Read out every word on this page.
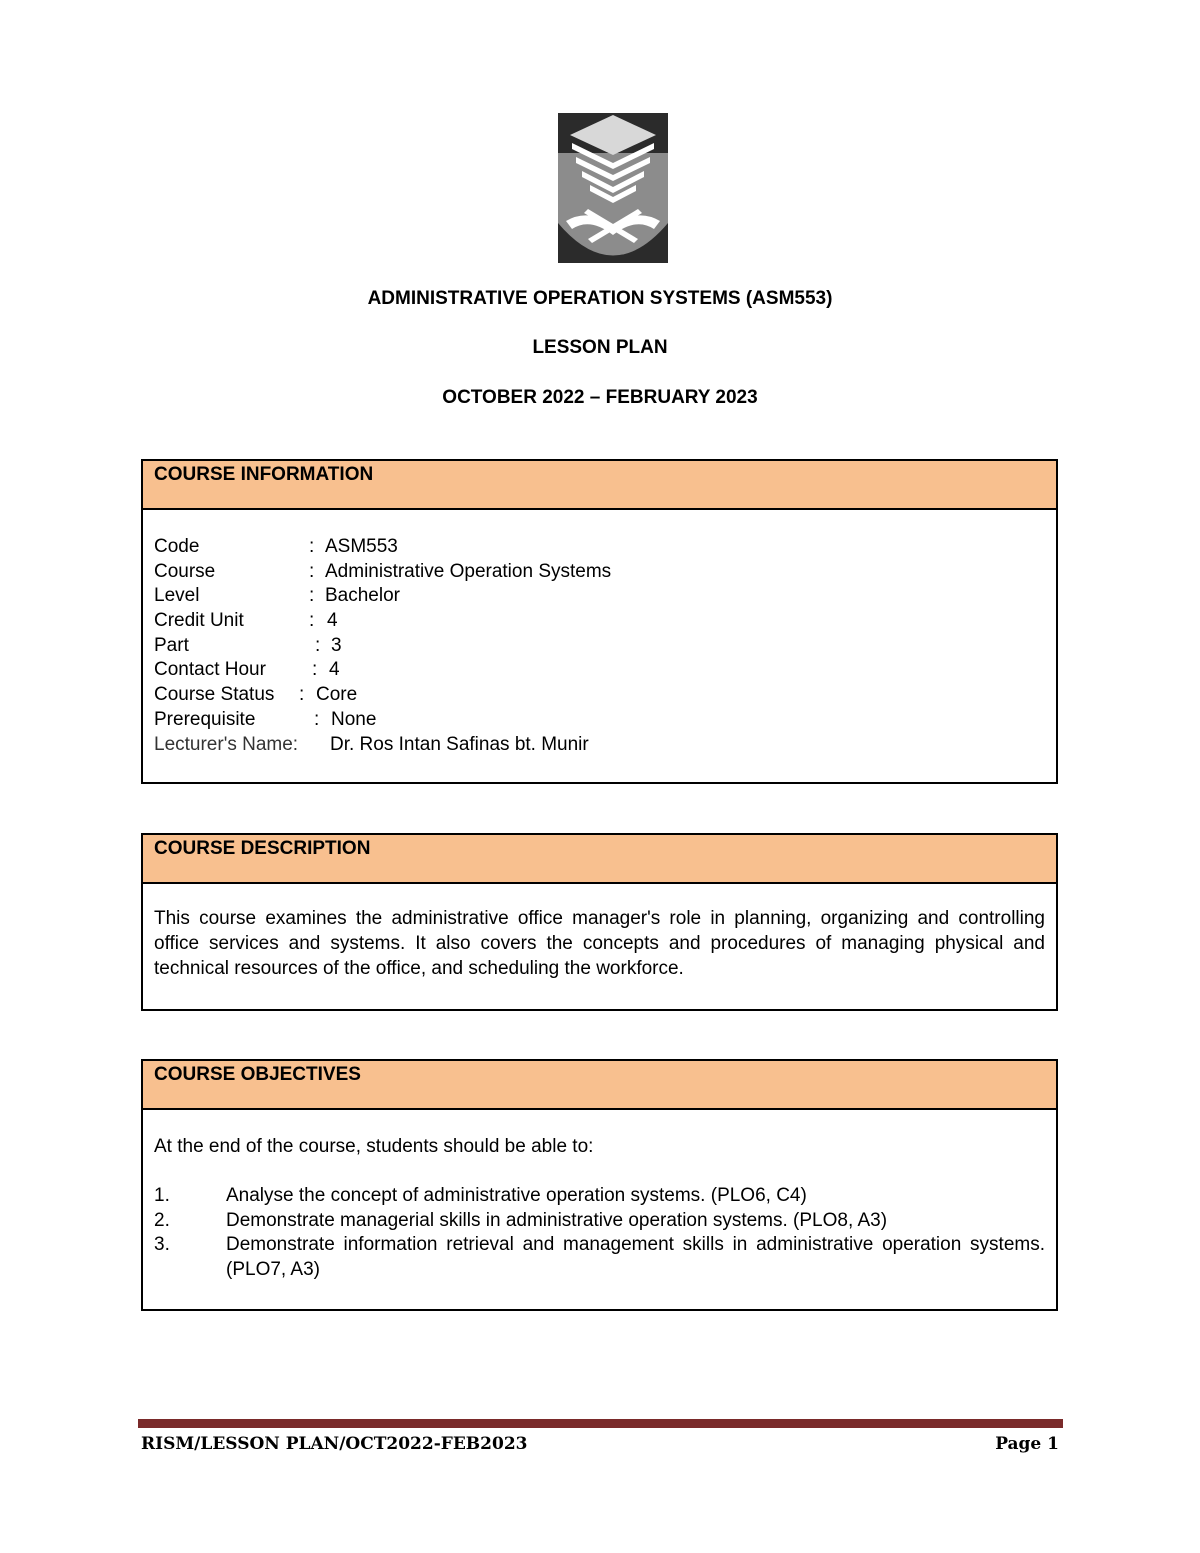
ADMINISTRATIVE OPERATION SYSTEMS (ASM553)
LESSON PLAN
OCTOBER 2022 – FEBRUARY 2023
COURSE INFORMATION
Code	: ASM553
Course	: Administrative Operation Systems
Level	: Bachelor
Credit Unit	: 4
Part	: 3
Contact Hour : 4
Course Status : Core
Prerequisite	: None
Lecturer's Name: Dr. Ros Intan Safinas bt. Munir
COURSE DESCRIPTION
This course examines the administrative office manager's role in planning, organizing and controlling office services and systems. It also covers the concepts and procedures of managing physical and technical resources of the office, and scheduling the workforce.
COURSE OBJECTIVES
At the end of the course, students should be able to:
1.	Analyse the concept of administrative operation systems. (PLO6, C4)
2.	Demonstrate managerial skills in administrative operation systems. (PLO8, A3)
3.	Demonstrate information retrieval and management skills in administrative operation systems. (PLO7, A3)
RISM/LESSON PLAN/OCT2022-FEB2023	Page 1
